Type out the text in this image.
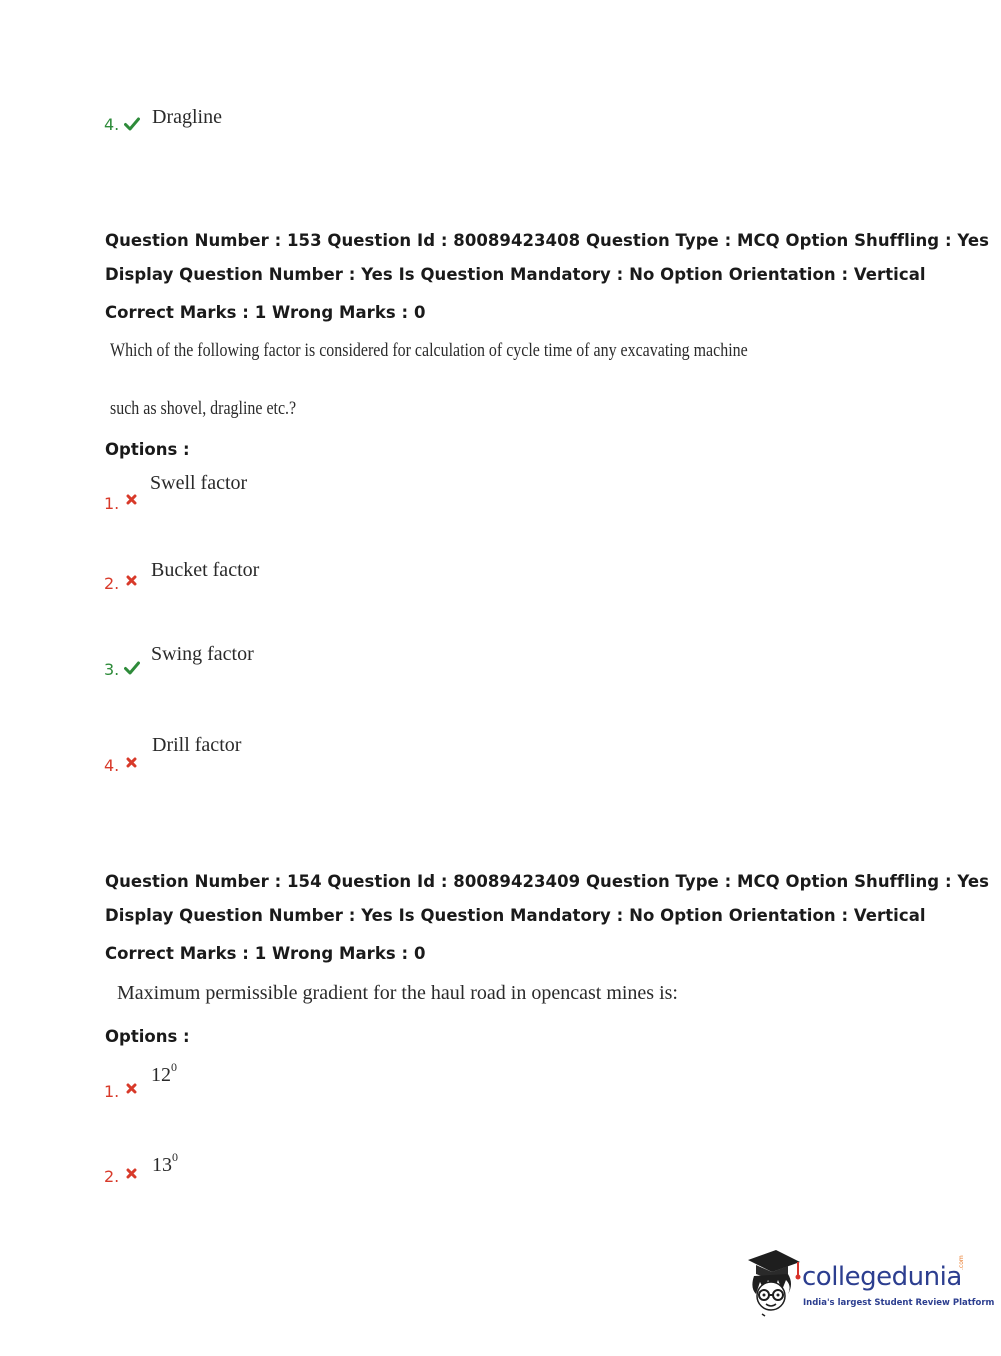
4. Dragline
Question Number : 153 Question Id : 80089423408 Question Type : MCQ Option Shuffling : Yes
Display Question Number : Yes Is Question Mandatory : No Option Orientation : Vertical
Correct Marks : 1 Wrong Marks : 0
Which of the following factor is considered for calculation of cycle time of any excavating machine
such as shovel, dragline etc.?
Options :
1.
Swell factor
2.
Bucket factor
3.
Swing factor
4.
Drill factor
Question Number : 154 Question Id : 80089423409 Question Type : MCQ Option Shuffling : Yes
Display Question Number : Yes Is Question Mandatory : No Option Orientation : Vertical
Correct Marks : 1 Wrong Marks : 0
Maximum permissible gradient for the haul road in opencast mines is:
Options :
1.
$12^0$
2.
$13^0$
collegedunia
.com
India's largest Student Review Platform
